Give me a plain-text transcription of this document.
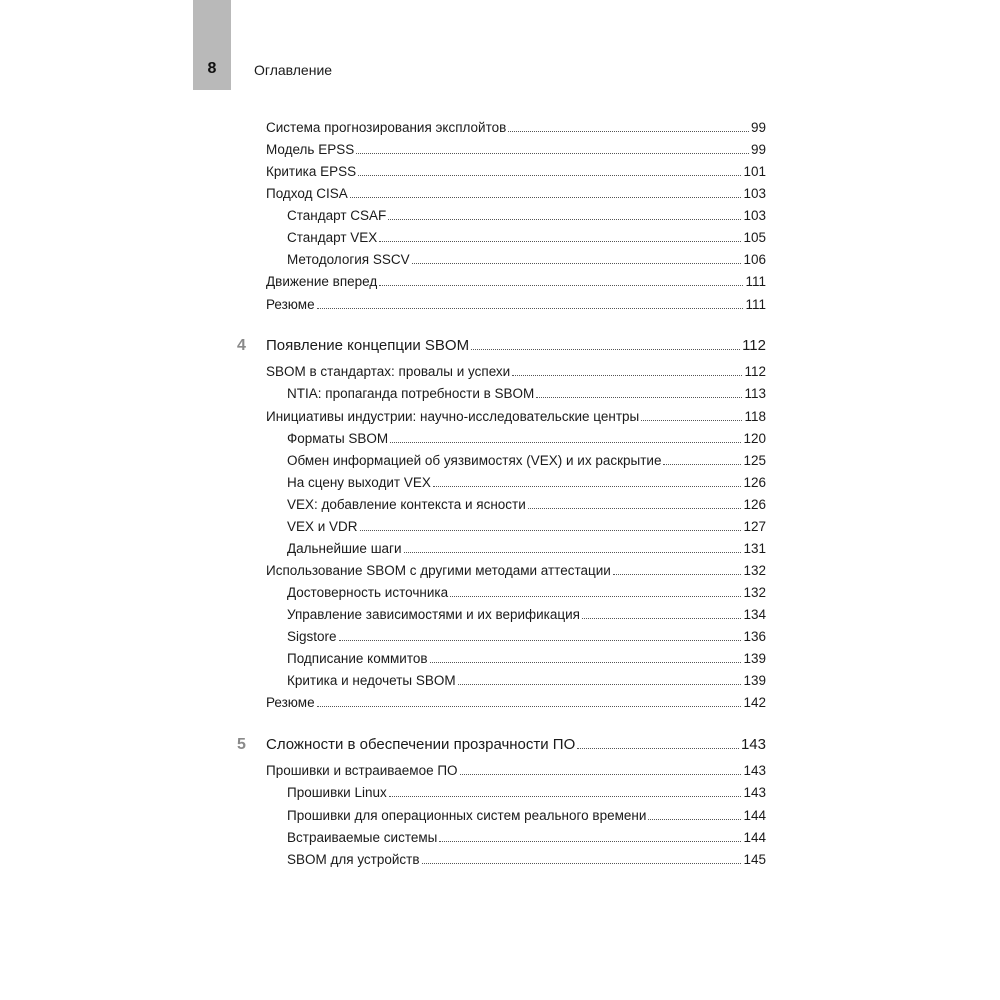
8	Оглавление
Система прогнозирования эксплойтов	99
Модель EPSS	99
Критика EPSS	101
Подход CISA	103
Стандарт CSAF	103
Стандарт VEX	105
Методология SSCV	106
Движение вперед	111
Резюме	111
4	Появление концепции SBOM	112
SBOM в стандартах: провалы и успехи	112
NTIA: пропаганда потребности в SBOM	113
Инициативы индустрии: научно-исследовательские центры	118
Форматы SBOM	120
Обмен информацией об уязвимостях (VEX) и их раскрытие	125
На сцену выходит VEX	126
VEX: добавление контекста и ясности	126
VEX и VDR	127
Дальнейшие шаги	131
Использование SBOM с другими методами аттестации	132
Достоверность источника	132
Управление зависимостями и их верификация	134
Sigstore	136
Подписание коммитов	139
Критика и недочеты SBOM	139
Резюме	142
5	Сложности в обеспечении прозрачности ПО	143
Прошивки и встраиваемое ПО	143
Прошивки Linux	143
Прошивки для операционных систем реального времени	144
Встраиваемые системы	144
SBOM для устройств	145
